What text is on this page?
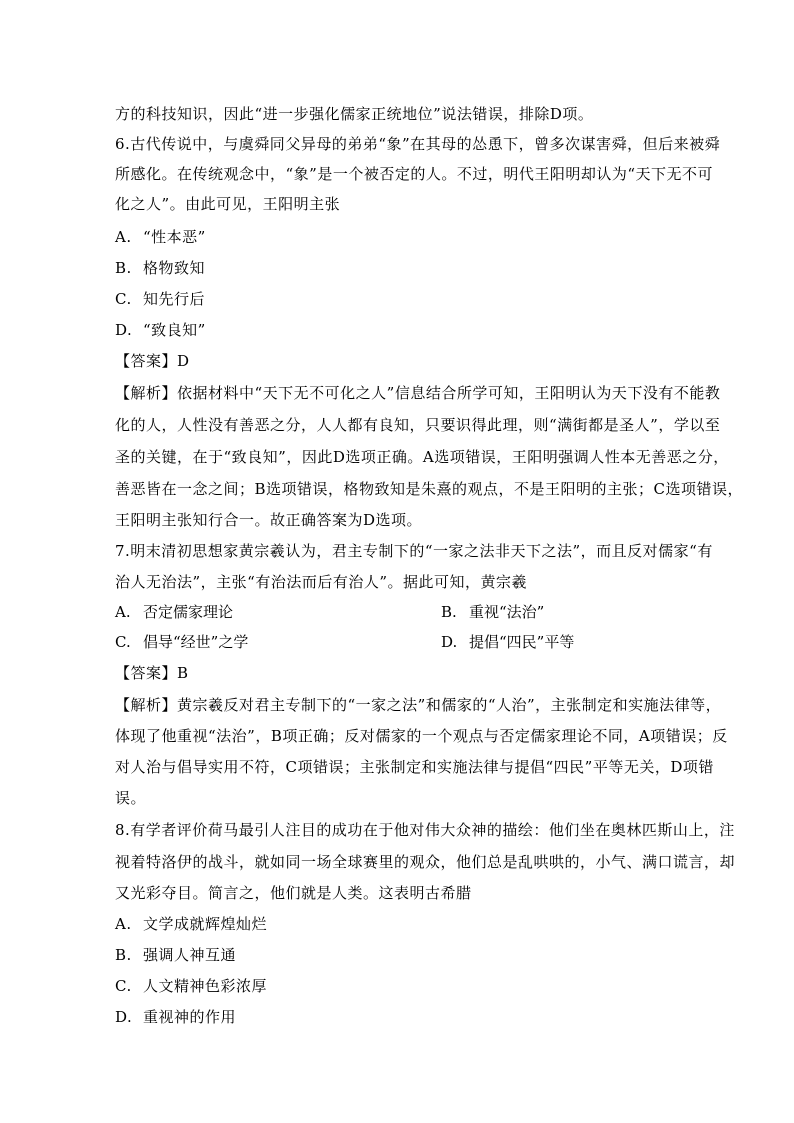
方的科技知识，因此“进一步强化儒家正统地位”说法错误，排除D项。
6.古代传说中，与虞舜同父异母的弟弟“象”在其母的怂恿下，曾多次谋害舜，但后来被舜
所感化。在传统观念中，“象”是一个被否定的人。不过，明代王阳明却认为“天下无不可
化之人”。由此可见，王阳明主张
A. “性本恶”
B. 格物致知
C. 知先行后
D. “致良知”
【答案】D
【解析】依据材料中“天下无不可化之人”信息结合所学可知，王阳明认为天下没有不能教
化的人，人性没有善恶之分，人人都有良知，只要识得此理，则“满街都是圣人”，学以至
圣的关键，在于“致良知”，因此D选项正确。A选项错误，王阳明强调人性本无善恶之分，
善恶皆在一念之间；B选项错误，格物致知是朱熹的观点，不是王阳明的主张；C选项错误，
王阳明主张知行合一。故正确答案为D选项。
7.明末清初思想家黄宗羲认为，君主专制下的“一家之法非天下之法”，而且反对儒家“有
治人无治法”，主张“有治法而后有治人”。据此可知，黄宗羲
A. 否定儒家理论	B. 重视“法治”
C. 倡导“经世”之学	D. 提倡“四民”平等
【答案】B
【解析】黄宗羲反对君主专制下的“一家之法”和儒家的“人治”，主张制定和实施法律等，
体现了他重视“法治”，B项正确；反对儒家的一个观点与否定儒家理论不同，A项错误；反
对人治与倡导实用不符，C项错误；主张制定和实施法律与提倡“四民”平等无关，D项错
误。
8.有学者评价荷马最引人注目的成功在于他对伟大众神的描绘：他们坐在奥林匹斯山上，注
视着特洛伊的战斗，就如同一场全球赛里的观众，他们总是乱哄哄的，小气、满口谎言，却
又光彩夺目。简言之，他们就是人类。这表明古希腊
A. 文学成就辉煌灿烂
B. 强调人神互通
C. 人文精神色彩浓厚
D. 重视神的作用
